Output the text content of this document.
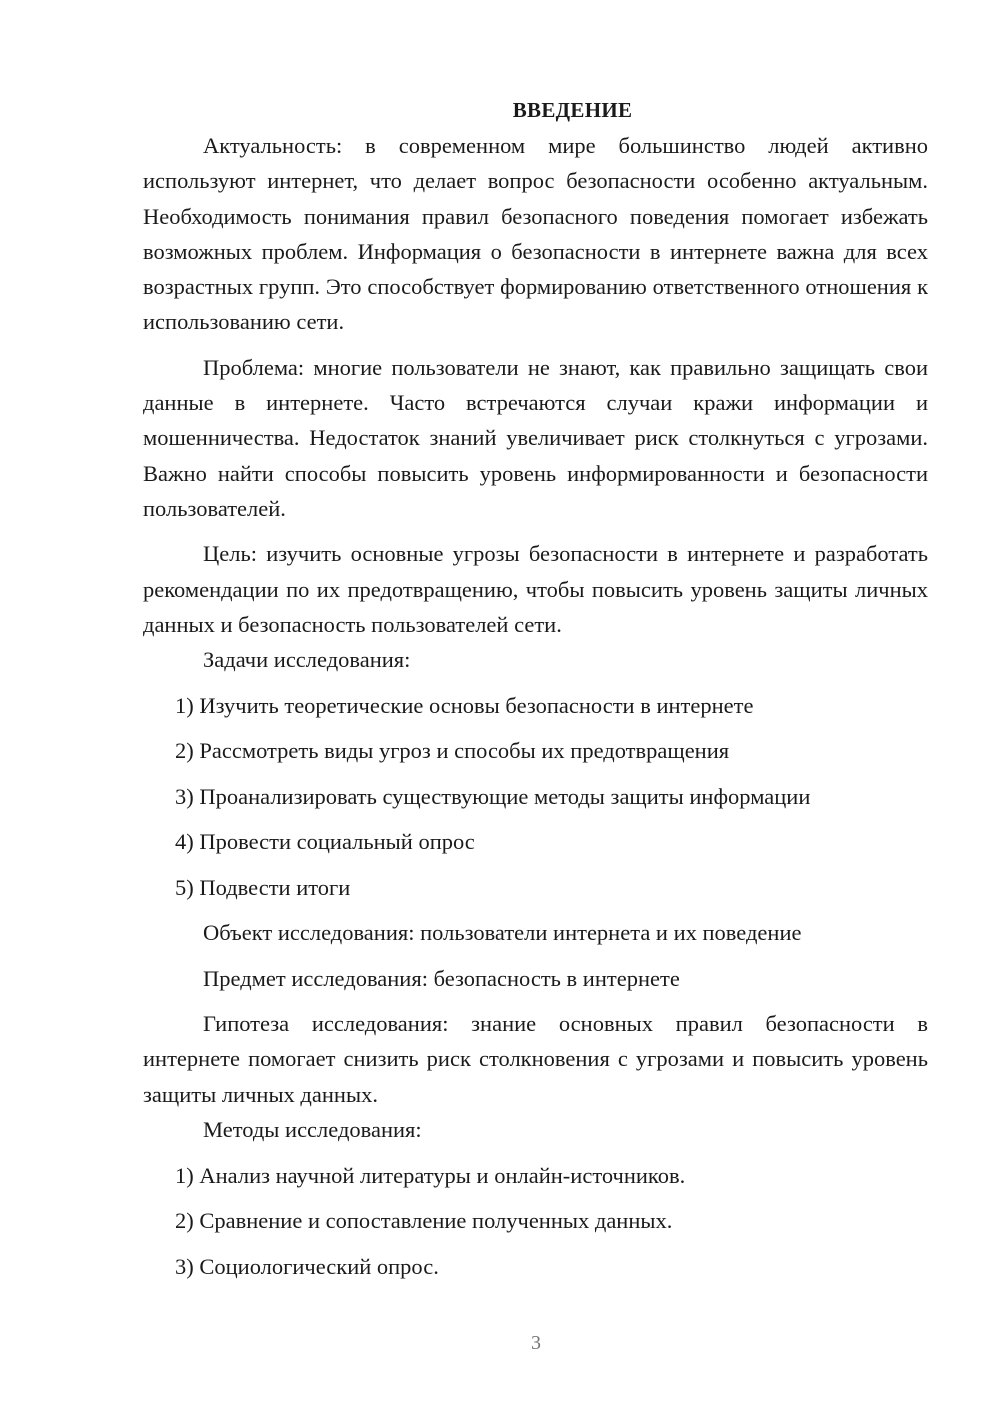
ВВЕДЕНИЕ

Актуальность: в современном мире большинство людей активно используют интернет, что делает вопрос безопасности особенно актуальным. Необходимость понимания правил безопасного поведения помогает избежать возможных проблем. Информация о безопасности в интернете важна для всех возрастных групп. Это способствует формированию ответственного отношения к использованию сети.

Проблема: многие пользователи не знают, как правильно защищать свои данные в интернете. Часто встречаются случаи кражи информации и мошенничества. Недостаток знаний увеличивает риск столкнуться с угрозами. Важно найти способы повысить уровень информированности и безопасности пользователей.

Цель: изучить основные угрозы безопасности в интернете и разработать рекомендации по их предотвращению, чтобы повысить уровень защиты личных данных и безопасность пользователей сети.

Задачи исследования:

1) Изучить теоретические основы безопасности в интернете

2) Рассмотреть виды угроз и способы их предотвращения

3) Проанализировать существующие методы защиты информации

4) Провести социальный опрос

5) Подвести итоги

Объект исследования: пользователи интернета и их поведение

Предмет исследования: безопасность в интернете

Гипотеза исследования: знание основных правил безопасности в интернете помогает снизить риск столкновения с угрозами и повысить уровень защиты личных данных.

Методы исследования:

1) Анализ научной литературы и онлайн-источников.

2) Сравнение и сопоставление полученных данных.

3) Социологический опрос.

3
